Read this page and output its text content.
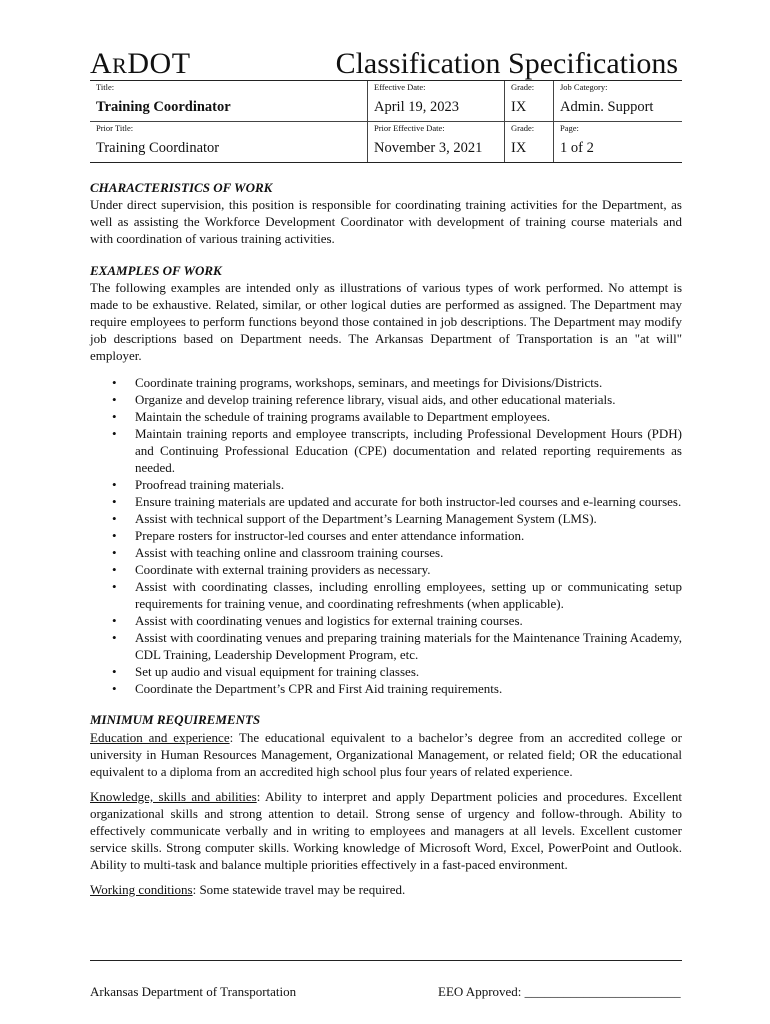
ARDOT	Classification Specifications
Title:	Effective Date:	Grade:	Job Category:
Training Coordinator	April 19, 2023	IX	Admin. Support
Prior Title:	Prior Effective Date:	Grade:	Page:
Training Coordinator	November 3, 2021	IX	1 of 2
CHARACTERISTICS OF WORK

Under direct supervision, this position is responsible for coordinating training activities for the Department, as well as assisting the Workforce Development Coordinator with development of training course materials and with coordination of various training activities.

EXAMPLES OF WORK

The following examples are intended only as illustrations of various types of work performed. No attempt is made to be exhaustive. Related, similar, or other logical duties are performed as assigned. The Department may require employees to perform functions beyond those contained in job descriptions. The Department may modify job descriptions based on Department needs. The Arkansas Department of Transportation is an "at will" employer.

• Coordinate training programs, workshops, seminars, and meetings for Divisions/Districts.
• Organize and develop training reference library, visual aids, and other educational materials.
• Maintain the schedule of training programs available to Department employees.
• Maintain training reports and employee transcripts, including Professional Development Hours (PDH) and Continuing Professional Education (CPE) documentation and related reporting requirements as needed.
• Proofread training materials.
• Ensure training materials are updated and accurate for both instructor-led courses and e-learning courses.
• Assist with technical support of the Department’s Learning Management System (LMS).
• Prepare rosters for instructor-led courses and enter attendance information.
• Assist with teaching online and classroom training courses.
• Coordinate with external training providers as necessary.
• Assist with coordinating classes, including enrolling employees, setting up or communicating setup requirements for training venue, and coordinating refreshments (when applicable).
• Assist with coordinating venues and logistics for external training courses.
• Assist with coordinating venues and preparing training materials for the Maintenance Training Academy, CDL Training, Leadership Development Program, etc.
• Set up audio and visual equipment for training classes.
• Coordinate the Department’s CPR and First Aid training requirements.
MINIMUM REQUIREMENTS

Education and experience: The educational equivalent to a bachelor’s degree from an accredited college or university in Human Resources Management, Organizational Management, or related field; OR the educational equivalent to a diploma from an accredited high school plus four years of related experience.

Knowledge, skills and abilities: Ability to interpret and apply Department policies and procedures. Excellent organizational skills and strong attention to detail. Strong sense of urgency and follow-through. Ability to effectively communicate verbally and in writing to employees and managers at all levels. Excellent customer service skills. Strong computer skills. Working knowledge of Microsoft Word, Excel, PowerPoint and Outlook. Ability to multi-task and balance multiple priorities effectively in a fast-paced environment.

Working conditions: Some statewide travel may be required.

Arkansas Department of Transportation	EEO Approved: ________________________
